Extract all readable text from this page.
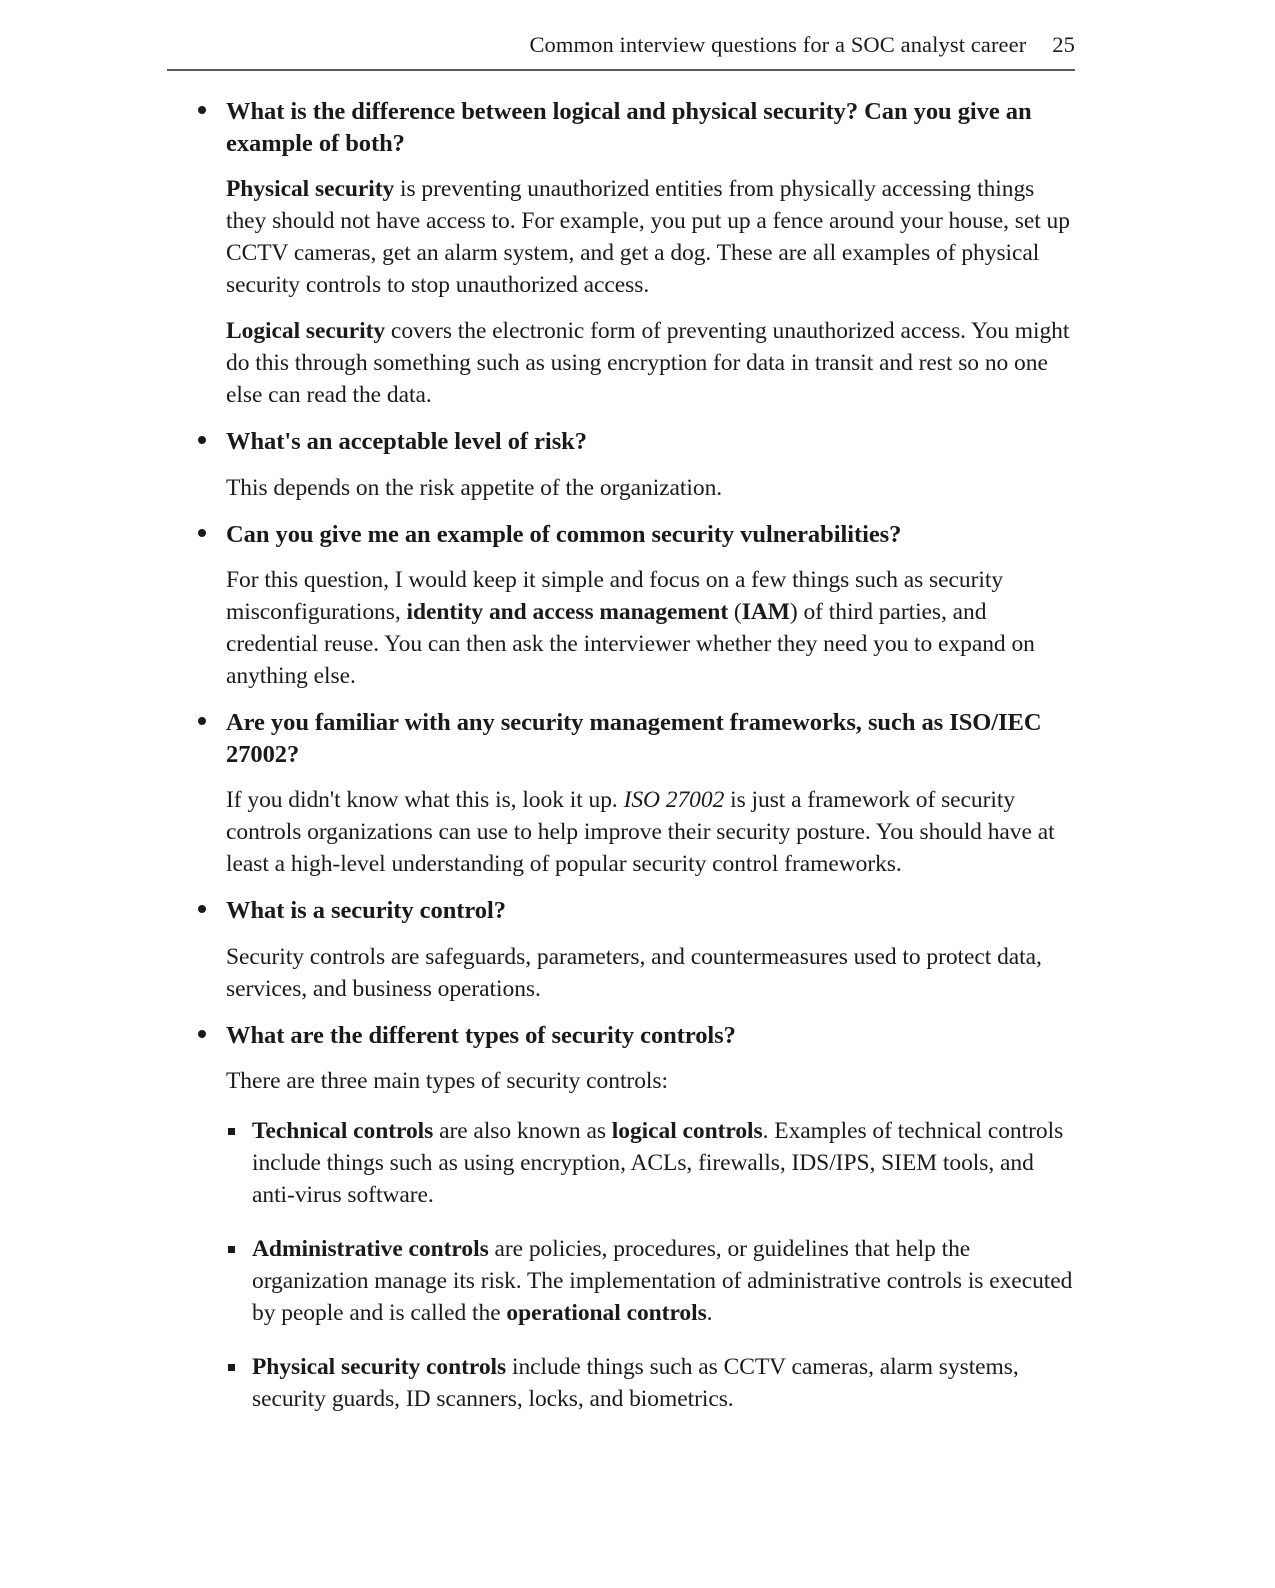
Common interview questions for a SOC analyst career 25

What is the difference between logical and physical security? Can you give an example of both?

Physical security is preventing unauthorized entities from physically accessing things they should not have access to. For example, you put up a fence around your house, set up CCTV cameras, get an alarm system, and get a dog. These are all examples of physical security controls to stop unauthorized access.

Logical security covers the electronic form of preventing unauthorized access. You might do this through something such as using encryption for data in transit and rest so no one else can read the data.

What's an acceptable level of risk?

This depends on the risk appetite of the organization.

Can you give me an example of common security vulnerabilities?

For this question, I would keep it simple and focus on a few things such as security misconfigurations, identity and access management (IAM) of third parties, and credential reuse. You can then ask the interviewer whether they need you to expand on anything else.

Are you familiar with any security management frameworks, such as ISO/IEC 27002?

If you didn't know what this is, look it up. ISO 27002 is just a framework of security controls organizations can use to help improve their security posture. You should have at least a high-level understanding of popular security control frameworks.

What is a security control?

Security controls are safeguards, parameters, and countermeasures used to protect data, services, and business operations.

What are the different types of security controls?

There are three main types of security controls:

Technical controls are also known as logical controls. Examples of technical controls include things such as using encryption, ACLs, firewalls, IDS/IPS, SIEM tools, and anti-virus software.
Administrative controls are policies, procedures, or guidelines that help the organization manage its risk. The implementation of administrative controls is executed by people and is called the operational controls.
Physical security controls include things such as CCTV cameras, alarm systems, security guards, ID scanners, locks, and biometrics.
